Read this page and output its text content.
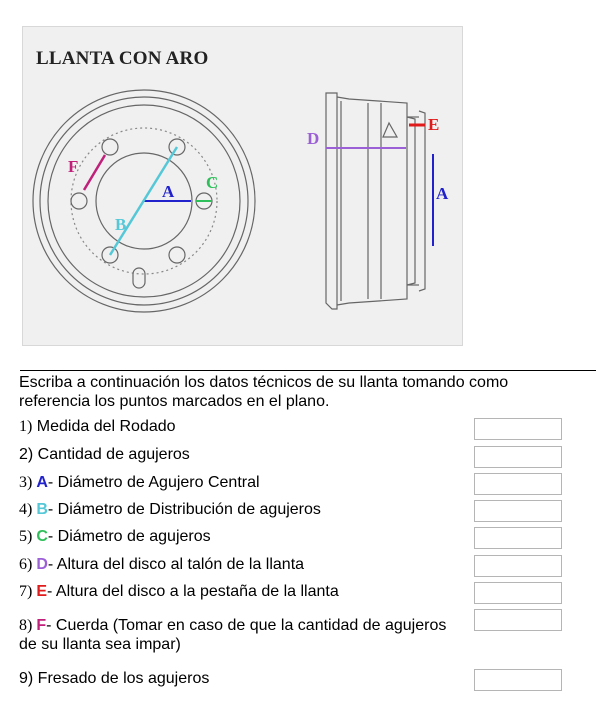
LLANTA CON ARO
A
B
C
F
D
E
A
Escriba a continuación los datos técnicos de su llanta tomando como referencia los puntos marcados en el plano.
1) Medida del Rodado
2) Cantidad de agujeros
3) A- Diámetro de Agujero Central
4) B- Diámetro de Distribución de agujeros
5) C- Diámetro de agujeros
6) D- Altura del disco al talón de la llanta
7) E- Altura del disco a la pestaña de la llanta
8) F- Cuerda (Tomar en caso de que la cantidad de agujeros de su llanta sea impar)
9) Fresado de los agujeros
